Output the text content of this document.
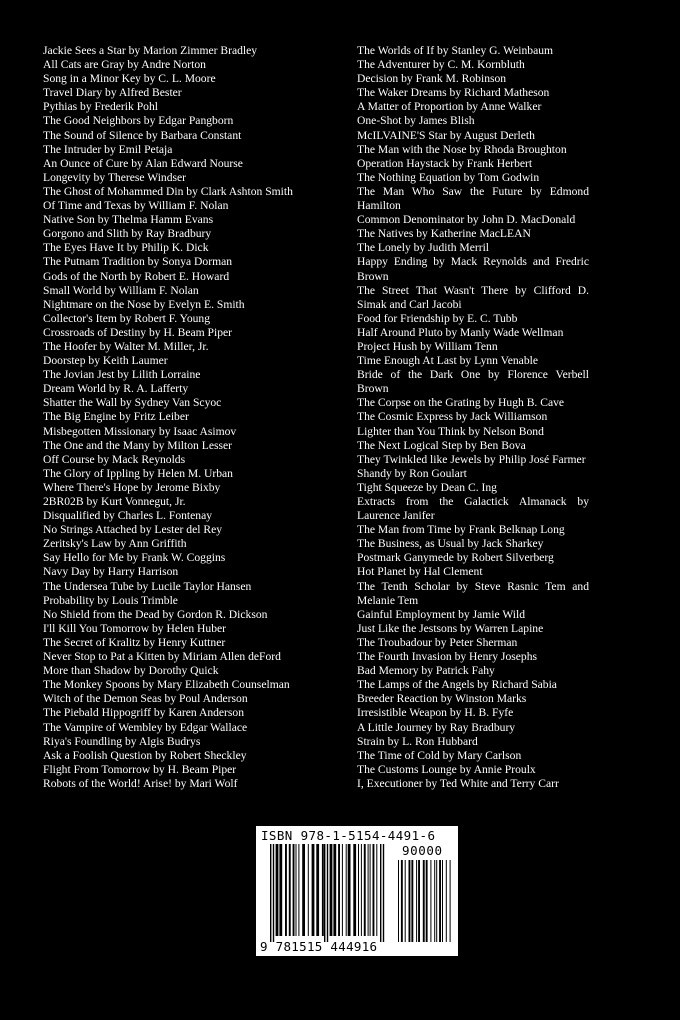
Jackie Sees a Star by Marion Zimmer Bradley
All Cats are Gray by Andre Norton
Song in a Minor Key by C. L. Moore
Travel Diary by Alfred Bester
Pythias by Frederik Pohl
The Good Neighbors by Edgar Pangborn
The Sound of Silence by Barbara Constant
The Intruder by Emil Petaja
An Ounce of Cure by Alan Edward Nourse
Longevity by Therese Windser
The Ghost of Mohammed Din by Clark Ashton Smith
Of Time and Texas by William F. Nolan
Native Son by Thelma Hamm Evans
Gorgono and Slith by Ray Bradbury
The Eyes Have It by Philip K. Dick
The Putnam Tradition by Sonya Dorman
Gods of the North by Robert E. Howard
Small World by William F. Nolan
Nightmare on the Nose by Evelyn E. Smith
Collector's Item by Robert F. Young
Crossroads of Destiny by H. Beam Piper
The Hoofer by Walter M. Miller, Jr.
Doorstep by Keith Laumer
The Jovian Jest by Lilith Lorraine
Dream World by R. A. Lafferty
Shatter the Wall by Sydney Van Scyoc
The Big Engine by Fritz Leiber
Misbegotten Missionary by Isaac Asimov
The One and the Many by Milton Lesser
Off Course by Mack Reynolds
The Glory of Ippling by Helen M. Urban
Where There's Hope by Jerome Bixby
2BR02B by Kurt Vonnegut, Jr.
Disqualified by Charles L. Fontenay
No Strings Attached by Lester del Rey
Zeritsky's Law by Ann Griffith
Say Hello for Me by Frank W. Coggins
Navy Day by Harry Harrison
The Undersea Tube by Lucile Taylor Hansen
Probability by Louis Trimble
No Shield from the Dead by Gordon R. Dickson
I'll Kill You Tomorrow by Helen Huber
The Secret of Kralitz by Henry Kuttner
Never Stop to Pat a Kitten by Miriam Allen deFord
More than Shadow by Dorothy Quick
The Monkey Spoons by Mary Elizabeth Counselman
Witch of the Demon Seas by Poul Anderson
The Piebald Hippogriff by Karen Anderson
The Vampire of Wembley by Edgar Wallace
Riya's Foundling by Algis Budrys
Ask a Foolish Question by Robert Sheckley
Flight From Tomorrow by H. Beam Piper
Robots of the World! Arise! by Mari Wolf
The Worlds of If by Stanley G. Weinbaum
The Adventurer by C. M. Kornbluth
Decision by Frank M. Robinson
The Waker Dreams by Richard Matheson
A Matter of Proportion by Anne Walker
One-Shot by James Blish
McILVAINE'S Star by August Derleth
The Man with the Nose by Rhoda Broughton
Operation Haystack by Frank Herbert
The Nothing Equation by Tom Godwin
The Man Who Saw the Future by Edmond Hamilton
Common Denominator by John D. MacDonald
The Natives by Katherine MacLEAN
The Lonely by Judith Merril
Happy Ending by Mack Reynolds and Fredric Brown
The Street That Wasn't There by Clifford D. Simak and Carl Jacobi
Food for Friendship by E. C. Tubb
Half Around Pluto by Manly Wade Wellman
Project Hush by William Tenn
Time Enough At Last by Lynn Venable
Bride of the Dark One by Florence Verbell Brown
The Corpse on the Grating by Hugh B. Cave
The Cosmic Express by Jack Williamson
Lighter than You Think by Nelson Bond
The Next Logical Step by Ben Bova
They Twinkled like Jewels by Philip José Farmer
Shandy by Ron Goulart
Tight Squeeze by Dean C. Ing
Extracts from the Galactick Almanack by Laurence Janifer
The Man from Time by Frank Belknap Long
The Business, as Usual by Jack Sharkey
Postmark Ganymede by Robert Silverberg
Hot Planet by Hal Clement
The Tenth Scholar by Steve Rasnic Tem and Melanie Tem
Gainful Employment by Jamie Wild
Just Like the Jestsons by Warren Lapine
The Troubadour by Peter Sherman
The Fourth Invasion by Henry Josephs
Bad Memory by Patrick Fahy
The Lamps of the Angels by Richard Sabia
Breeder Reaction by Winston Marks
Irresistible Weapon by H. B. Fyfe
A Little Journey by Ray Bradbury
Strain by L. Ron Hubbard
The Time of Cold by Mary Carlson
The Customs Lounge by Annie Proulx
I, Executioner by Ted White and Terry Carr
ISBN 978-1-5154-4491-6
90000
9 781515 444916
